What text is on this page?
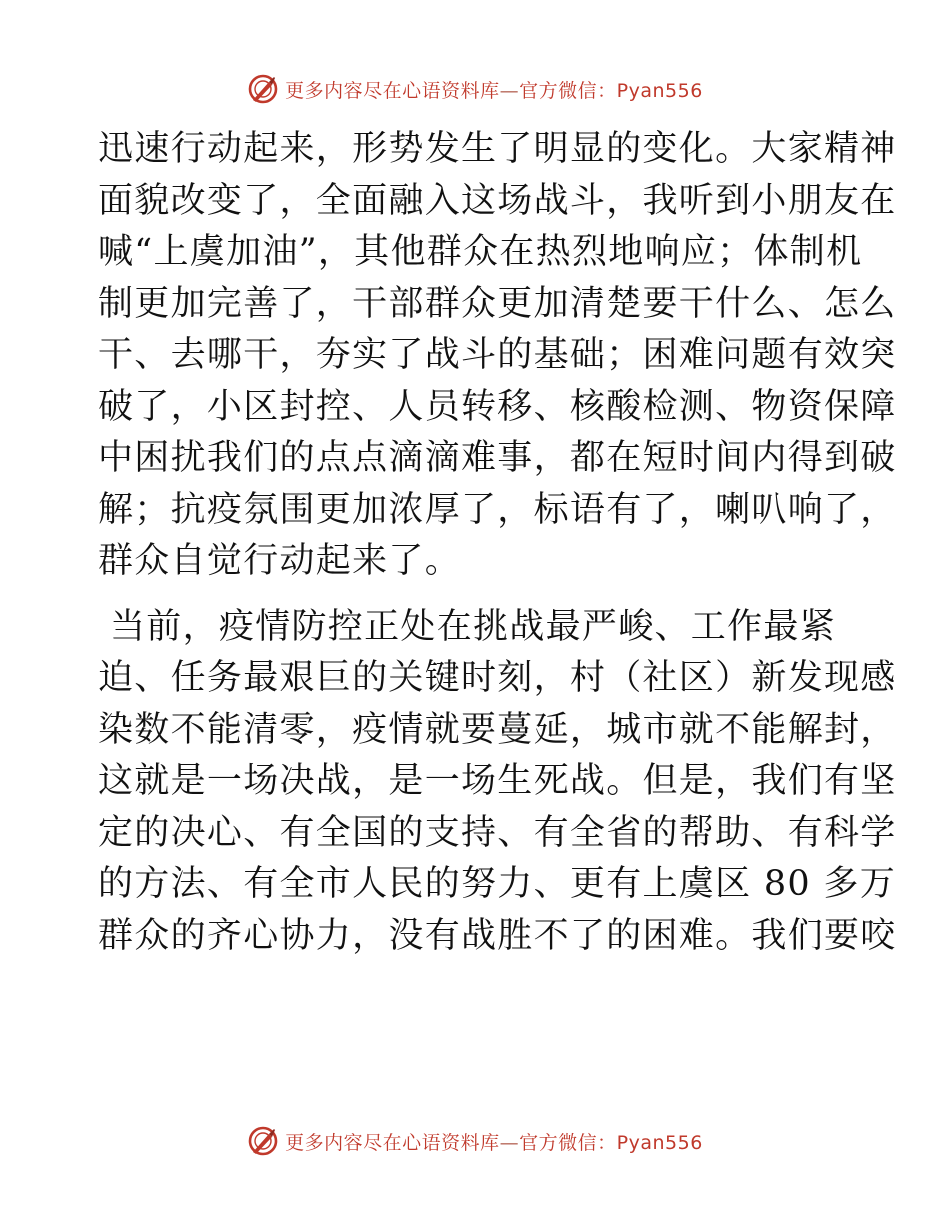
更多内容尽在心语资料库—官方微信：Pyan556

迅速行动起来，形势发生了明显的变化。大家精神
面貌改变了，全面融入这场战斗，我听到小朋友在
喊“上虞加油”，其他群众在热烈地响应；体制机
制更加完善了，干部群众更加清楚要干什么、怎么
干、去哪干，夯实了战斗的基础；困难问题有效突
破了，小区封控、人员转移、核酸检测、物资保障
中困扰我们的点点滴滴难事，都在短时间内得到破
解；抗疫氛围更加浓厚了，标语有了，喇叭响了，
群众自觉行动起来了。

当前，疫情防控正处在挑战最严峻、工作最紧
迫、任务最艰巨的关键时刻，村（社区）新发现感
染数不能清零，疫情就要蔓延，城市就不能解封，
这就是一场决战，是一场生死战。但是，我们有坚
定的决心、有全国的支持、有全省的帮助、有科学
的方法、有全市人民的努力、更有上虞区 80 多万
群众的齐心协力，没有战胜不了的困难。我们要咬

更多内容尽在心语资料库—官方微信：Pyan556
